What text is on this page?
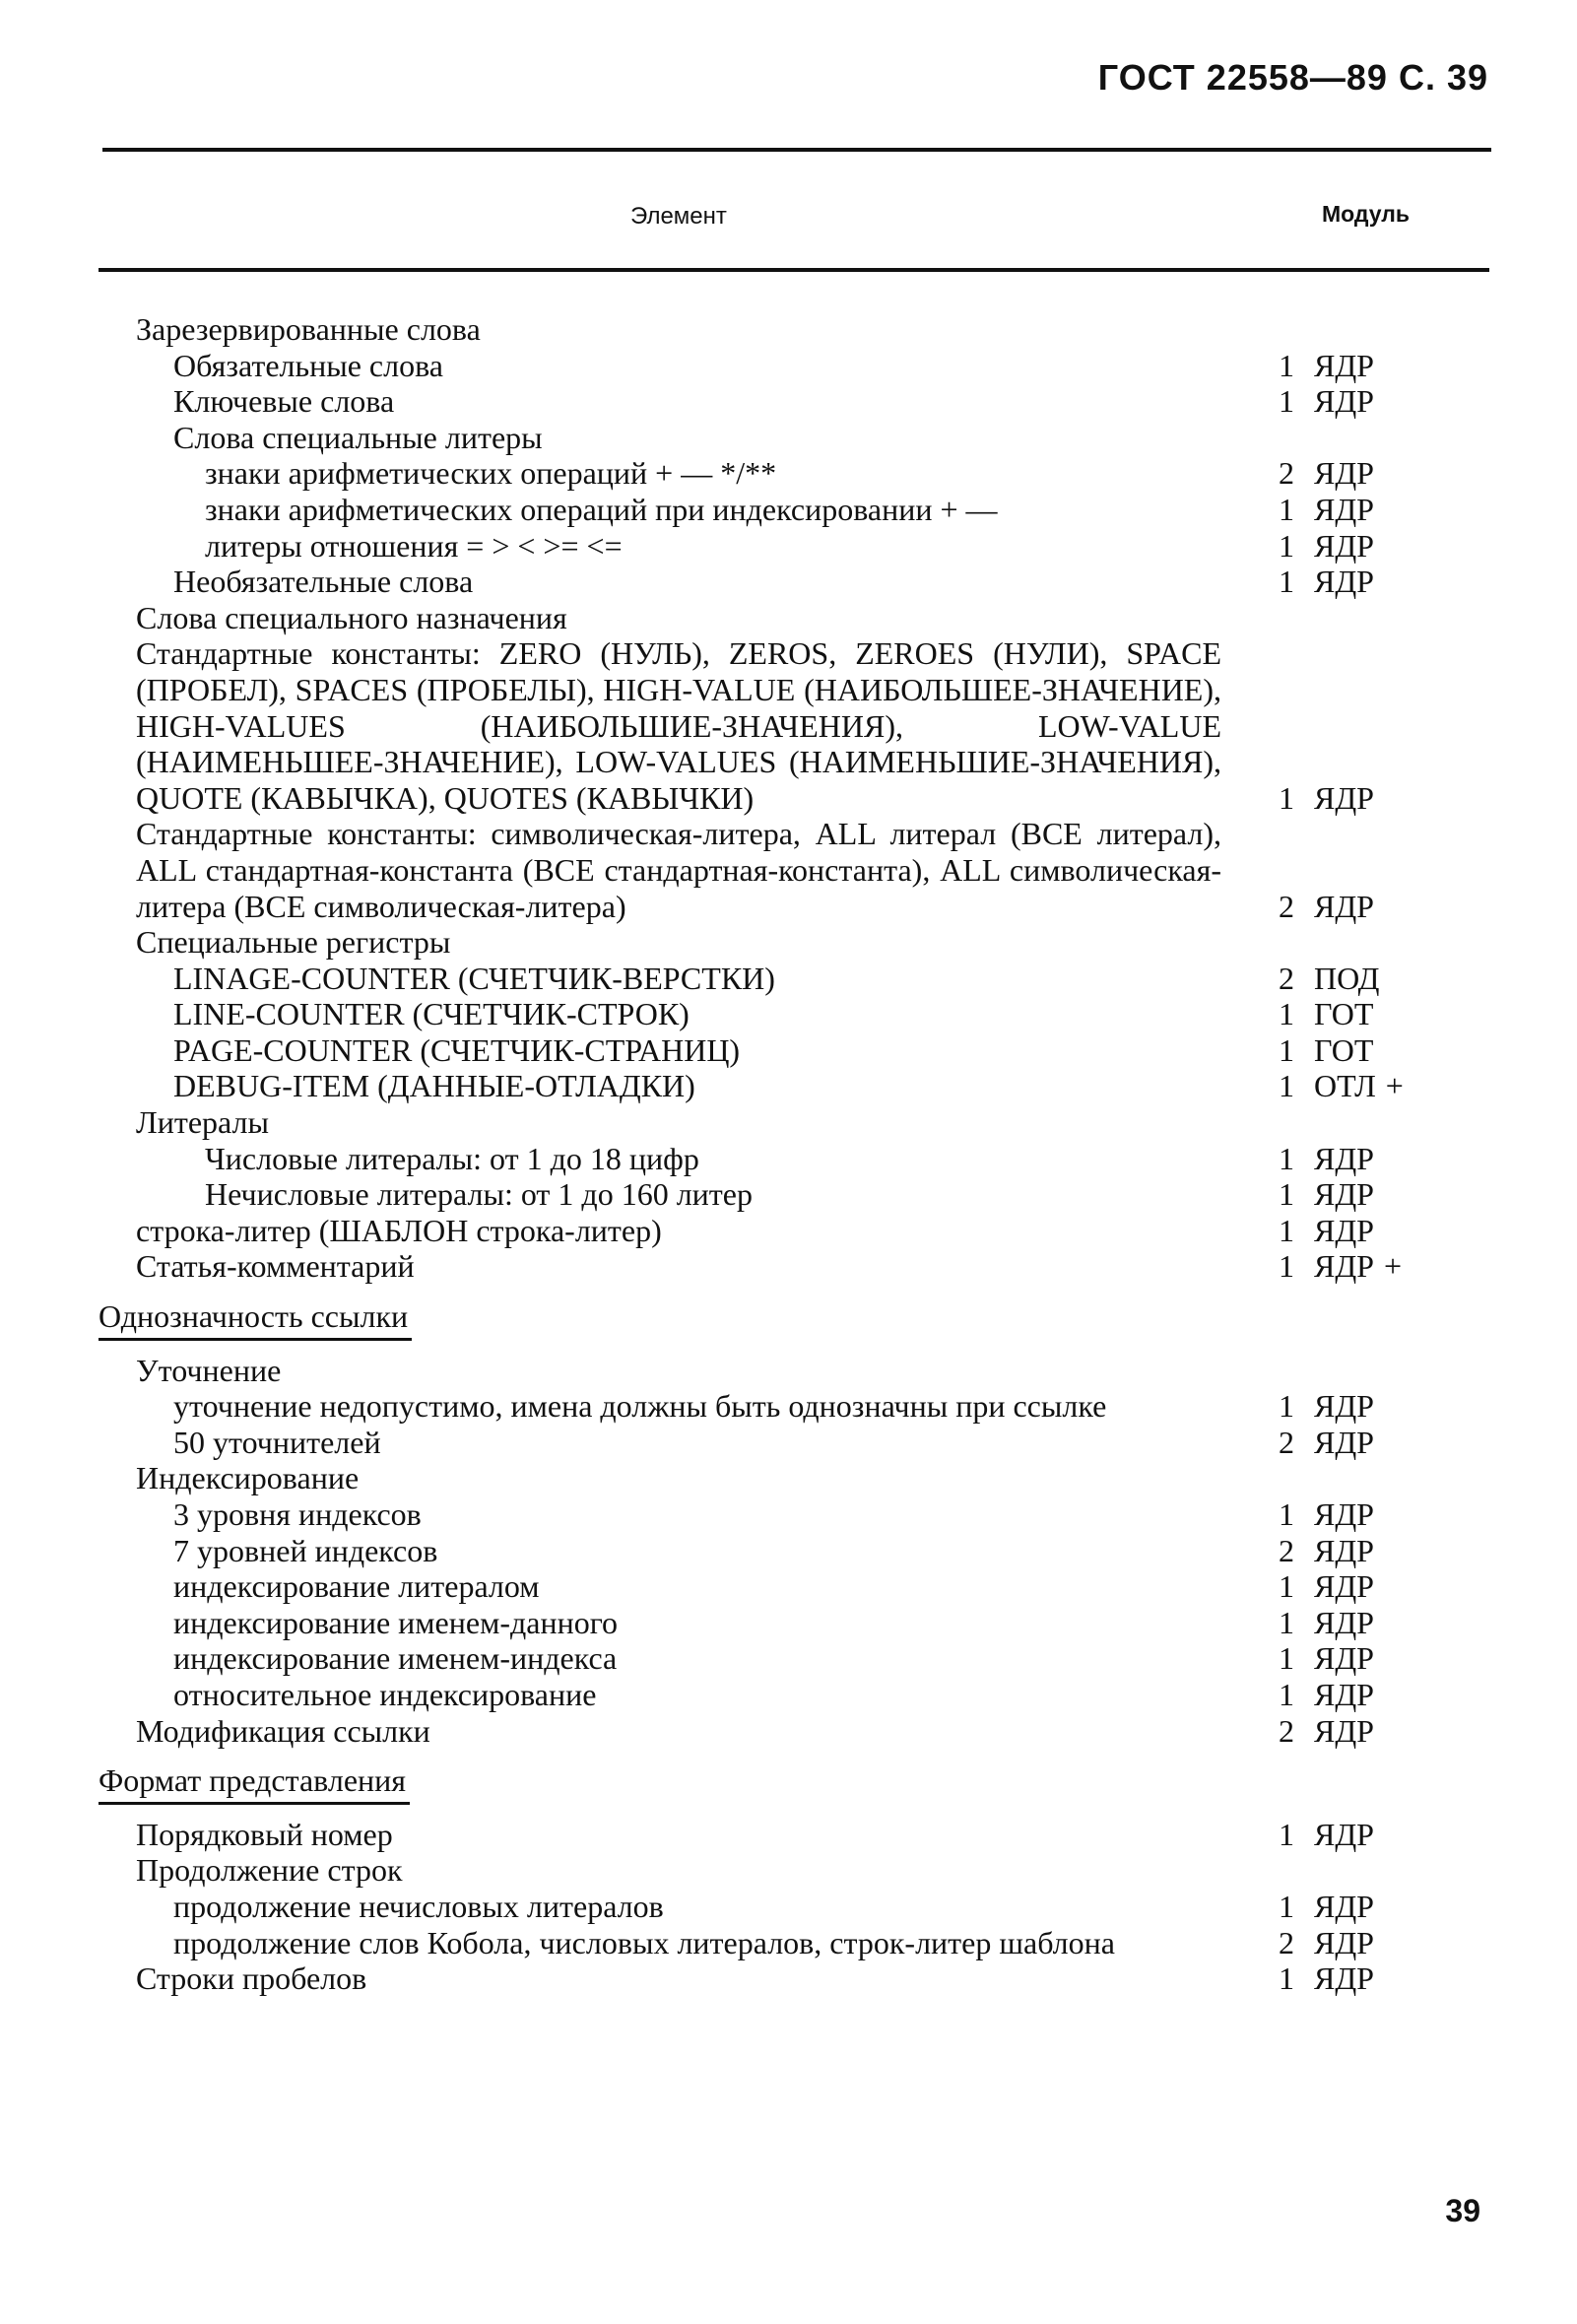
ГОСТ 22558—89 С. 39
Элемент	Модуль
Зарезервированные слова
Обязательные слова	1 ЯДР
Ключевые слова	1 ЯДР
Слова специальные литеры
знаки арифметических операций + — */**	2 ЯДР
знаки арифметических операций при индексировании + —	1 ЯДР
литеры отношения = > < >= <=	1 ЯДР
Необязательные слова	1 ЯДР
Слова специального назначения
Стандартные константы: ZERO (НУЛЬ), ZEROS, ZEROES (НУЛИ), SPACE (ПРОБЕЛ), SPACES (ПРОБЕЛЫ), HIGH-VALUE (НАИБОЛЬШЕЕ-ЗНАЧЕНИЕ), HIGH-VALUES (НАИБОЛЬШИЕ-ЗНАЧЕНИЯ), LOW-VALUE (НАИМЕНЬШЕЕ-ЗНАЧЕНИЕ), LOW-VALUES (НАИМЕНЬШИЕ-ЗНАЧЕНИЯ), QUOTE (КАВЫЧКА), QUOTES (КАВЫЧКИ)	1 ЯДР
Стандартные константы: символическая-литера, ALL литерал (ВСЕ литерал), ALL стандартная-константа (ВСЕ стандартная-константа), ALL символическая-литера (ВСЕ символическая-литера)	2 ЯДР
Специальные регистры
LINAGE-COUNTER (СЧЕТЧИК-ВЕРСТКИ)	2 ПОД
LINE-COUNTER (СЧЕТЧИК-СТРОК)	1 ГОТ
PAGE-COUNTER (СЧЕТЧИК-СТРАНИЦ)	1 ГОТ
DEBUG-ITEM (ДАННЫЕ-ОТЛАДКИ)	1 ОТЛ +
Литералы
Числовые литералы: от 1 до 18 цифр	1 ЯДР
Нечисловые литералы: от 1 до 160 литер	1 ЯДР
строка-литер (ШАБЛОН строка-литер)	1 ЯДР
Статья-комментарий	1 ЯДР +
Однозначность ссылки
Уточнение
уточнение недопустимо, имена должны быть однозначны при ссылке	1 ЯДР
50 уточнителей	2 ЯДР
Индексирование
3 уровня индексов	1 ЯДР
7 уровней индексов	2 ЯДР
индексирование литералом	1 ЯДР
индексирование именем-данного	1 ЯДР
индексирование именем-индекса	1 ЯДР
относительное индексирование	1 ЯДР
Модификация ссылки	2 ЯДР
Формат представления
Порядковый номер	1 ЯДР
Продолжение строк
продолжение нечисловых литералов	1 ЯДР
продолжение слов Кобола, числовых литералов, строк-литер шаблона	2 ЯДР
Строки пробелов	1 ЯДР
39
